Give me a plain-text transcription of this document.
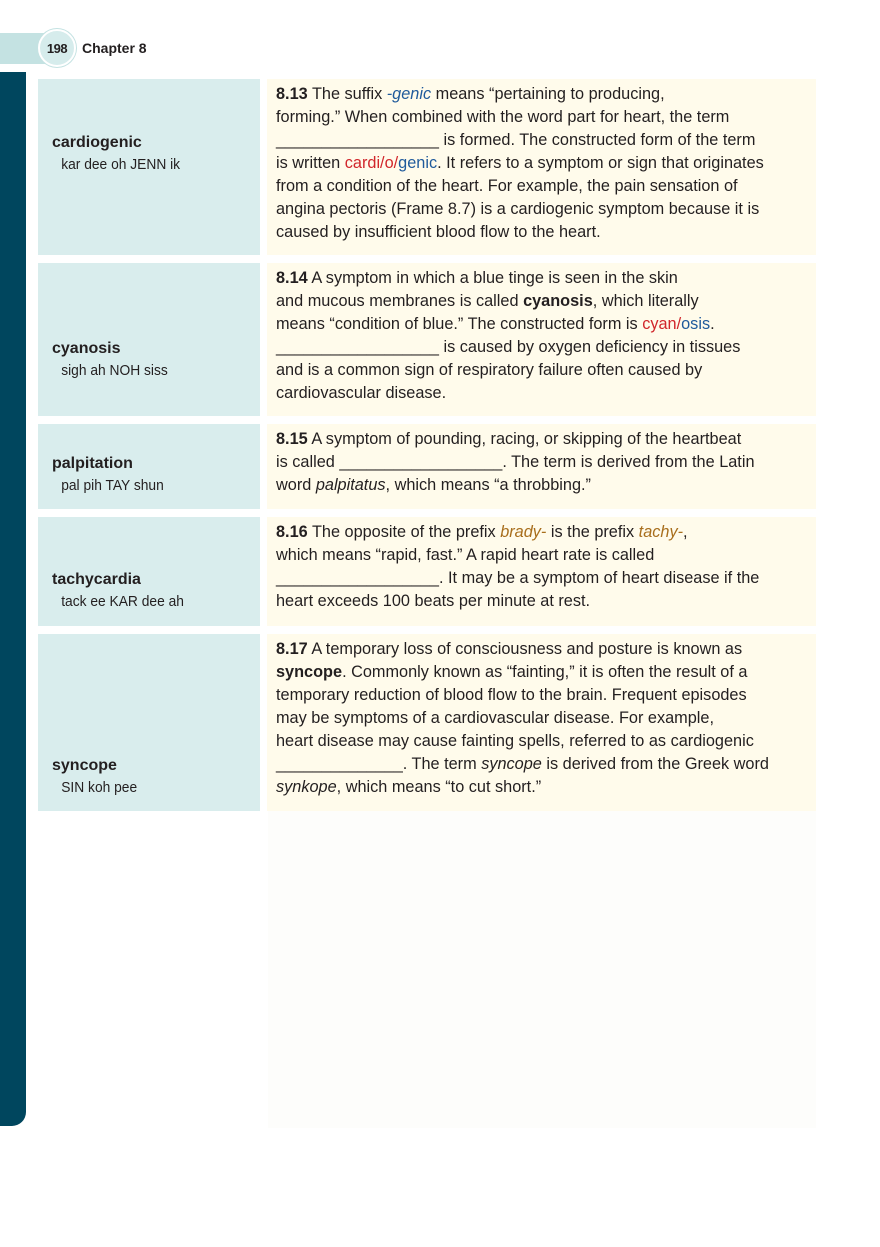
198	Chapter 8
cardiogenic
kar dee oh JENN ik
8.13 The suffix -genic means “pertaining to producing,
forming.” When combined with the word part for heart, the term
__________________ is formed. The constructed form of the term
is written cardi/o/genic. It refers to a symptom or sign that originates
from a condition of the heart. For example, the pain sensation of
angina pectoris (Frame 8.7) is a cardiogenic symptom because it is
caused by insufficient blood flow to the heart.
cyanosis
sigh ah NOH siss
8.14 A symptom in which a blue tinge is seen in the skin
and mucous membranes is called cyanosis, which literally
means “condition of blue.” The constructed form is cyan/osis.
__________________ is caused by oxygen deficiency in tissues
and is a common sign of respiratory failure often caused by
cardiovascular disease.
palpitation
pal pih TAY shun
8.15 A symptom of pounding, racing, or skipping of the heartbeat
is called __________________. The term is derived from the Latin
word palpitatus, which means “a throbbing.”
tachycardia
tack ee KAR dee ah
8.16 The opposite of the prefix brady- is the prefix tachy-,
which means “rapid, fast.” A rapid heart rate is called
__________________. It may be a symptom of heart disease if the
heart exceeds 100 beats per minute at rest.
syncope
SIN koh pee
8.17 A temporary loss of consciousness and posture is known as
syncope. Commonly known as “fainting,” it is often the result of a
temporary reduction of blood flow to the brain. Frequent episodes
may be symptoms of a cardiovascular disease. For example,
heart disease may cause fainting spells, referred to as cardiogenic
______________. The term syncope is derived from the Greek word
synkope, which means “to cut short.”
